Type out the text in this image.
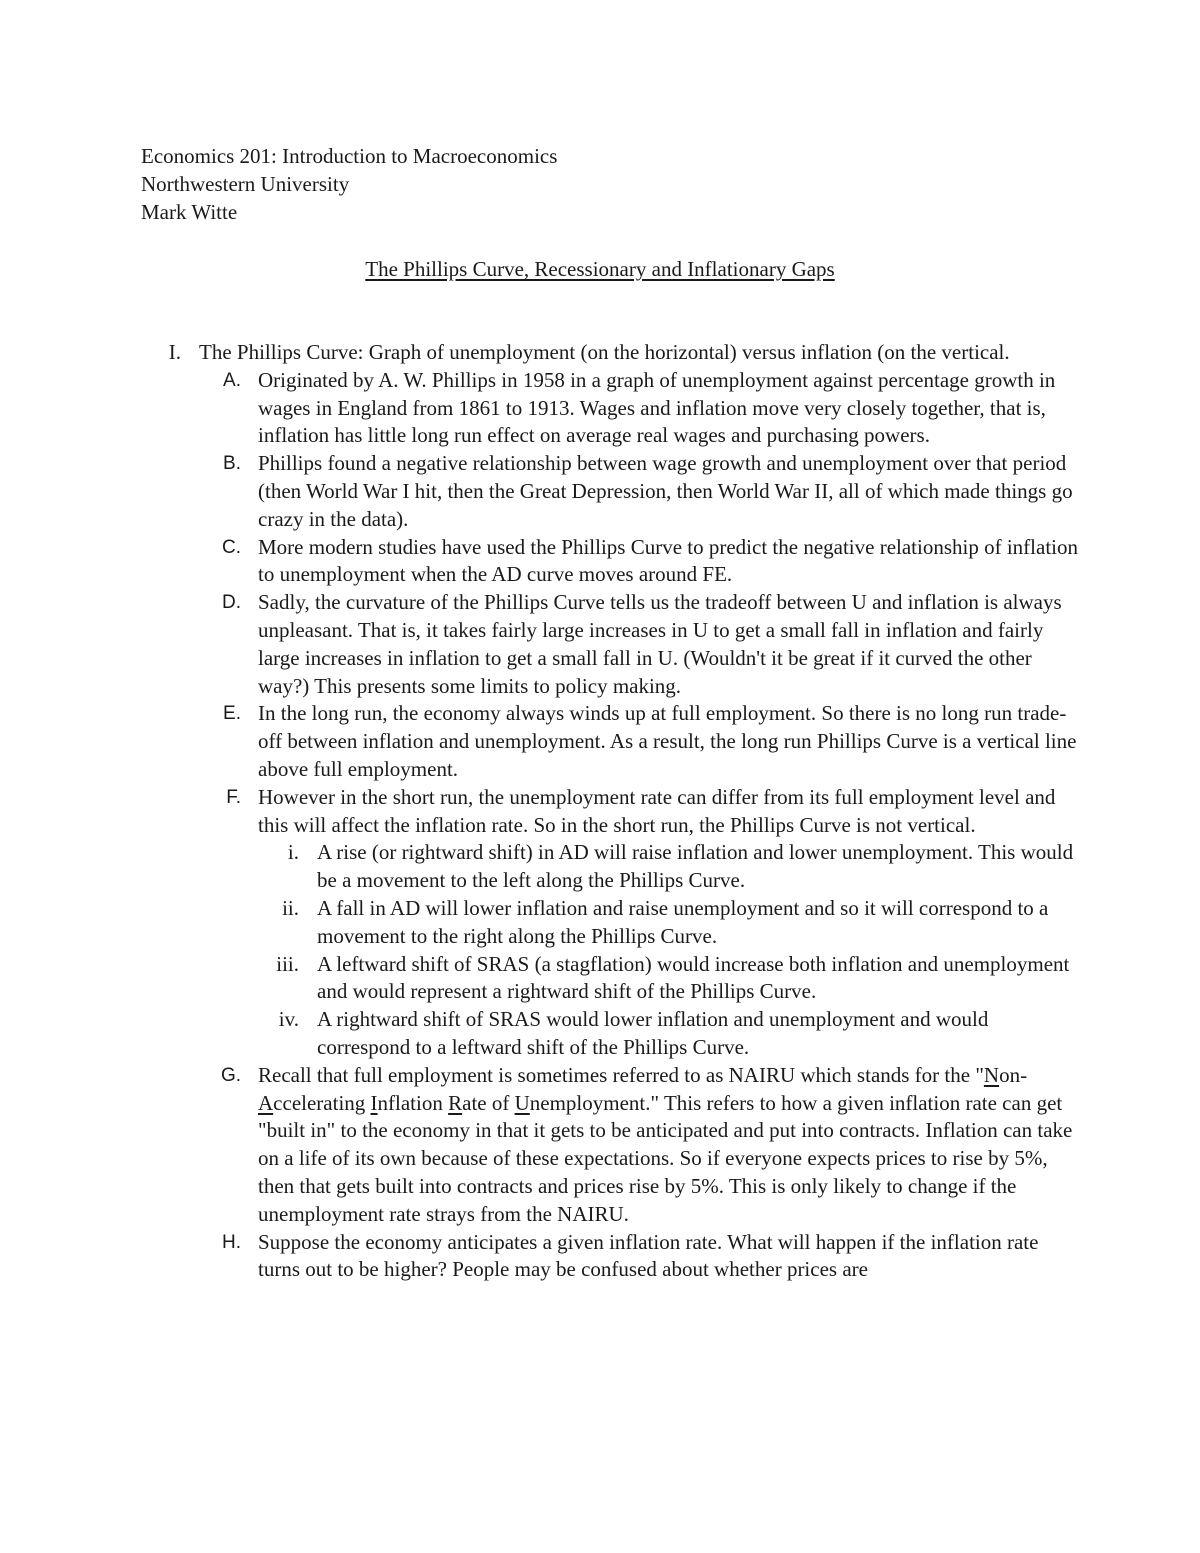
Economics 201: Introduction to Macroeconomics
Northwestern University
Mark Witte
The Phillips Curve, Recessionary and Inflationary Gaps
I. The Phillips Curve: Graph of unemployment (on the horizontal) versus inflation (on the vertical.
A. Originated by A. W. Phillips in 1958 in a graph of unemployment against percentage growth in wages in England from 1861 to 1913. Wages and inflation move very closely together, that is, inflation has little long run effect on average real wages and purchasing powers.
B. Phillips found a negative relationship between wage growth and unemployment over that period (then World War I hit, then the Great Depression, then World War II, all of which made things go crazy in the data).
C. More modern studies have used the Phillips Curve to predict the negative relationship of inflation to unemployment when the AD curve moves around FE.
D. Sadly, the curvature of the Phillips Curve tells us the tradeoff between U and inflation is always unpleasant. That is, it takes fairly large increases in U to get a small fall in inflation and fairly large increases in inflation to get a small fall in U. (Wouldn't it be great if it curved the other way?) This presents some limits to policy making.
E. In the long run, the economy always winds up at full employment. So there is no long run trade-off between inflation and unemployment. As a result, the long run Phillips Curve is a vertical line above full employment.
F. However in the short run, the unemployment rate can differ from its full employment level and this will affect the inflation rate. So in the short run, the Phillips Curve is not vertical.
i. A rise (or rightward shift) in AD will raise inflation and lower unemployment. This would be a movement to the left along the Phillips Curve.
ii. A fall in AD will lower inflation and raise unemployment and so it will correspond to a movement to the right along the Phillips Curve.
iii. A leftward shift of SRAS (a stagflation) would increase both inflation and unemployment and would represent a rightward shift of the Phillips Curve.
iv. A rightward shift of SRAS would lower inflation and unemployment and would correspond to a leftward shift of the Phillips Curve.
G. Recall that full employment is sometimes referred to as NAIRU which stands for the "Non-Accelerating Inflation Rate of Unemployment." This refers to how a given inflation rate can get "built in" to the economy in that it gets to be anticipated and put into contracts. Inflation can take on a life of its own because of these expectations. So if everyone expects prices to rise by 5%, then that gets built into contracts and prices rise by 5%. This is only likely to change if the unemployment rate strays from the NAIRU.
H. Suppose the economy anticipates a given inflation rate. What will happen if the inflation rate turns out to be higher? People may be confused about whether prices are
